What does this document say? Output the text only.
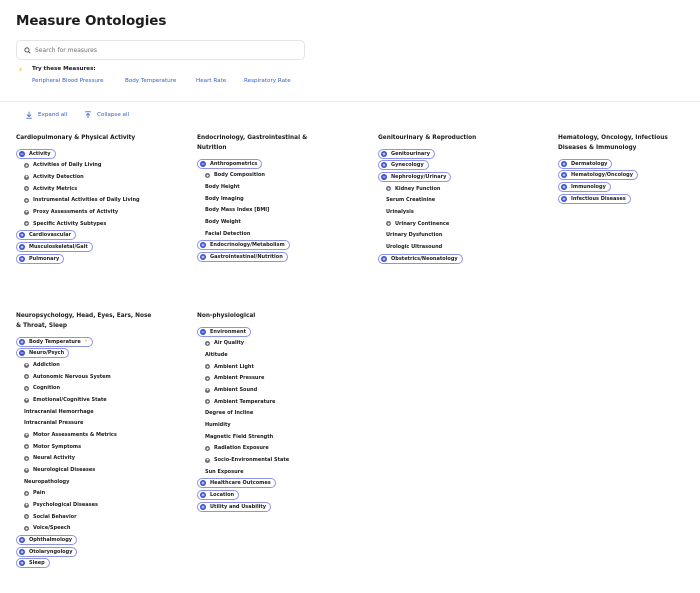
Measure Ontologies
Search for measures
⚡ Try these Measures:
Peripheral Blood Pressure	Body Temperature	Heart Rate	Respiratory Rate
Expand all	Collapse all
Cardiopulmonary & Physical Activity
Activity
Activities of Daily Living
Activity Detection
Activity Metrics
Instrumental Activities of Daily Living
Proxy Assessments of Activity
Specific Activity Subtypes
Cardiovascular
Musculoskeletal/Gait
Pulmonary
Endocrinology, Gastrointestinal & Nutrition
Anthropometrics
Body Composition
Body Height
Body Imaging
Body Mass Index [BMI]
Body Weight
Facial Detection
Endocrinology/Metabolism
Gastrointestinal/Nutrition
Genitourinary & Reproduction
Genitourinary
Gynecology
Nephrology/Urinary
Kidney Function
Serum Creatinine
Urinalysis
Urinary Continence
Urinary Dysfunction
Urologic Ultrasound
Obstetrics/Neonatology
Hematology, Oncology, Infectious Diseases & Immunology
Dermatology
Hematology/Oncology
Immunology
Infectious Diseases
Neuropsychology, Head, Eyes, Ears, Nose & Throat, Sleep
Body Temperature ⚡
Neuro/Psych
Addiction
Autonomic Nervous System
Cognition
Emotional/Cognitive State
Intracranial Hemorrhage
Intracranial Pressure
Motor Assessments & Metrics
Motor Symptoms
Neural Activity
Neurological Diseases
Neuropathology
Pain
Psychological Diseases
Social Behavior
Voice/Speech
Ophthalmology
Otolaryngology
Sleep
Non-physiological
Environment
Air Quality
Altitude
Ambient Light
Ambient Pressure
Ambient Sound
Ambient Temperature
Degree of Incline
Humidity
Magnetic Field Strength
Radiation Exposure
Socio-Environmental State
Sun Exposure
Healthcare Outcomes
Location
Utility and Usability
